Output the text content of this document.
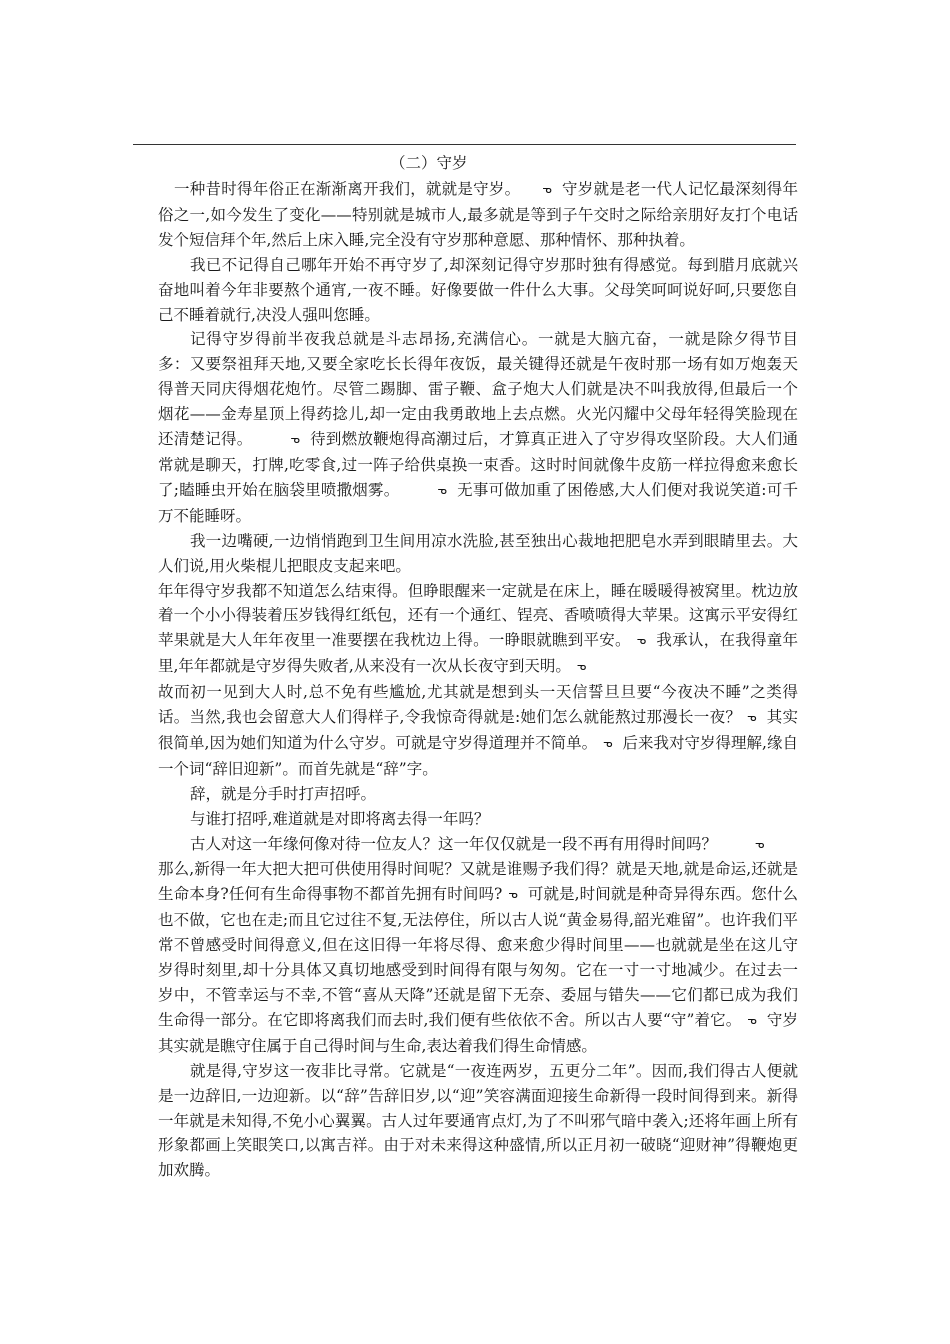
（二）守岁

一种昔时得年俗正在渐渐离开我们，就就是守岁。 ᓀ 守岁就是老一代人记忆最深刻得年俗之一,如今发生了变化——特别就是城市人,最多就是等到子午交时之际给亲朋好友打个电话发个短信拜个年,然后上床入睡,完全没有守岁那种意愿、那种情怀、那种执着。

我已不记得自己哪年开始不再守岁了,却深刻记得守岁那时独有得感觉。每到腊月底就兴奋地叫着今年非要熬个通宵,一夜不睡。好像要做一件什么大事。父母笑呵呵说好呵,只要您自己不睡着就行,决没人强叫您睡。

记得守岁得前半夜我总就是斗志昂扬,充满信心。一就是大脑亢奋，一就是除夕得节目多：又要祭祖拜天地,又要全家吃长长得年夜饭，最关键得还就是午夜时那一场有如万炮轰天得普天同庆得烟花炮竹。尽管二踢脚、雷子鞭、盒子炮大人们就是决不叫我放得,但最后一个烟花——金寿星顶上得药捻儿,却一定由我勇敢地上去点燃。火光闪耀中父母年轻得笑脸现在还清楚记得。	ᓀ 待到燃放鞭炮得高潮过后，才算真正进入了守岁得攻坚阶段。大人们通常就是聊天，打牌,吃零食,过一阵子给供桌换一束香。这时时间就像牛皮筋一样拉得愈来愈长了;瞌睡虫开始在脑袋里喷撒烟雾。	ᓀ 无事可做加重了困倦感,大人们便对我说笑道:可千万不能睡呀。

我一边嘴硬,一边悄悄跑到卫生间用凉水洗脸,甚至独出心裁地把肥皂水弄到眼睛里去。大人们说,用火柴棍儿把眼皮支起来吧。

年年得守岁我都不知道怎么结束得。但睁眼醒来一定就是在床上，睡在暖暖得被窝里。枕边放着一个小小得装着压岁钱得红纸包，还有一个通红、锃亮、香喷喷得大苹果。这寓示平安得红苹果就是大人年年夜里一准要摆在我枕边上得。一睁眼就瞧到平安。 ᓀ 我承认，在我得童年里,年年都就是守岁得失败者,从来没有一次从长夜守到天明。 ᓀ

故而初一见到大人时,总不免有些尴尬,尤其就是想到头一天信誓旦旦要“今夜决不睡”之类得话。当然,我也会留意大人们得样子,令我惊奇得就是:她们怎么就能熬过那漫长一夜？ ᓀ 其实很简单,因为她们知道为什么守岁。可就是守岁得道理并不简单。 ᓀ 后来我对守岁得理解,缘自一个词“辞旧迎新”。而首先就是“辞”字。

辞，就是分手时打声招呼。

与谁打招呼,难道就是对即将离去得一年吗？

古人对这一年缘何像对待一位友人？这一年仅仅就是一段不再有用得时间吗？	ᓀ

那么,新得一年大把大把可供使用得时间呢？又就是谁赐予我们得？就是天地,就是命运,还就是生命本身?任何有生命得事物不都首先拥有时间吗? ᓀ 可就是,时间就是种奇异得东西。您什么也不做，它也在走;而且它过往不复,无法停住，所以古人说“黄金易得,韶光难留”。也许我们平常不曾感受时间得意义,但在这旧得一年将尽得、愈来愈少得时间里——也就就是坐在这儿守岁得时刻里,却十分具体又真切地感受到时间得有限与匆匆。它在一寸一寸地减少。在过去一岁中，不管幸运与不幸,不管“喜从天降”还就是留下无奈、委屈与错失——它们都已成为我们生命得一部分。在它即将离我们而去时,我们便有些依依不舍。所以古人要“守”着它。 ᓀ 守岁其实就是瞧守住属于自己得时间与生命,表达着我们得生命情感。

就是得,守岁这一夜非比寻常。它就是“一夜连两岁，五更分二年”。因而,我们得古人便就是一边辞旧,一边迎新。以“辞”告辞旧岁,以“迎”笑容满面迎接生命新得一段时间得到来。新得一年就是未知得,不免小心翼翼。古人过年要通宵点灯,为了不叫邪气暗中袭入;还将年画上所有形象都画上笑眼笑口,以寓吉祥。由于对未来得这种盛情,所以正月初一破晓“迎财神”得鞭炮更加欢腾。
